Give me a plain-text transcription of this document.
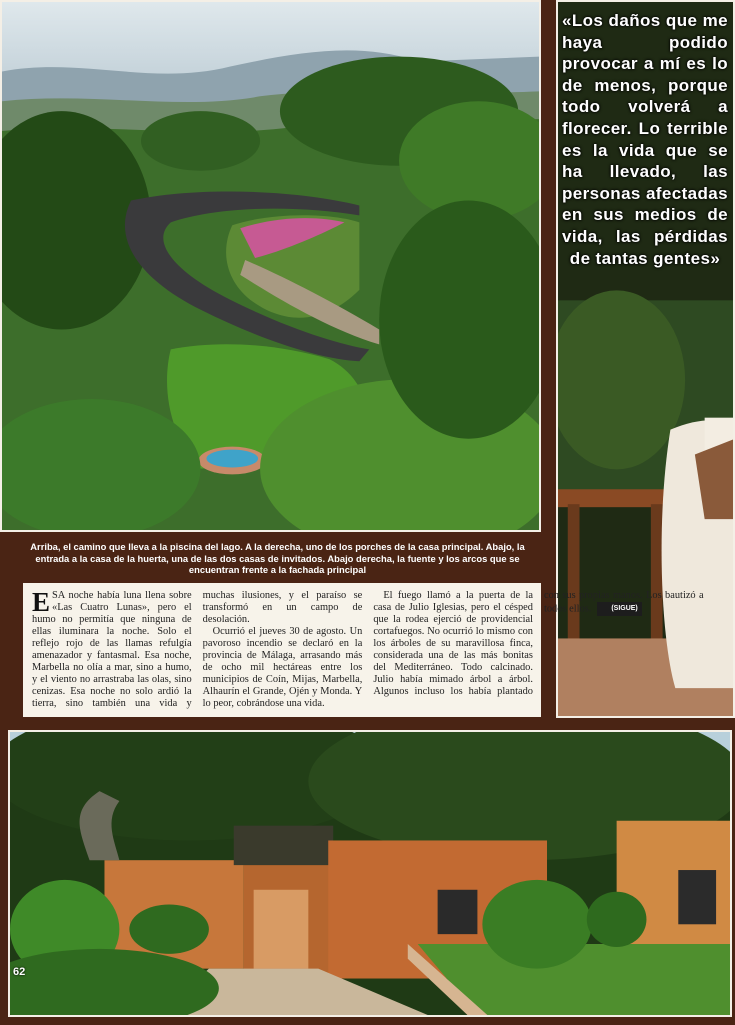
«Los daños que me haya podido provocar a mí es lo de menos, porque todo volverá a florecer. Lo terrible es la vida que se ha llevado, las personas afectadas en sus medios de vida, las pérdidas de tantas gentes»
Arriba, el camino que lleva a la piscina del lago. A la derecha, uno de los porches de la casa principal. Abajo, la entrada a la casa de la huerta, una de las dos casas de invitados. Abajo derecha, la fuente y los arcos que se encuentran frente a la fachada principal

ESA noche había luna llena sobre «Las Cuatro Lunas», pero el humo no permitía que ninguna de ellas iluminara la noche. Solo el reflejo rojo de las llamas refulgía amenazador y fantasmal. Esa noche, Marbella no olía a mar, sino a humo, y el viento no arrastraba las olas, sino cenizas. Esa noche no solo ardió la tierra, sino también una vida y muchas ilusiones, y el paraíso se transformó en un campo de desolación.

Ocurrió el jueves 30 de agosto. Un pavoroso incendio se declaró en la provincia de Málaga, arrasando más de ocho mil hectáreas entre los municipios de Coín, Mijas, Marbella, Alhaurín el Grande, Ojén y Monda. Y lo peor, cobrándose una vida.

El fuego llamó a la puerta de la casa de Julio Iglesias, pero el césped que la rodea ejerció de providencial cortafuegos. No ocurrió lo mismo con los árboles de su maravillosa finca, considerada una de las más bonitas del Mediterráneo. Todo calcinado. Julio había mimado árbol a árbol. Algunos incluso los había plantado con sus propias manos. Los bautizó a todos ellos.	(SIGUE)

62
